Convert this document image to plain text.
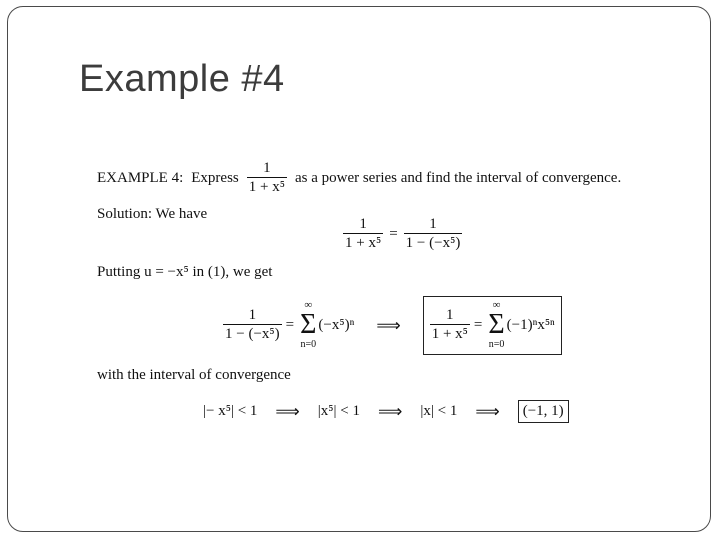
Example #4
EXAMPLE 4: Express $\frac{1}{\text{1 + x⁵}}$ as a power series and find the interval of convergence.
Solution: We have
$\frac{1}{\text{1 + x⁵}} = \frac{1}{\text{1 − (−x⁵)}}$
Putting u = −x⁵ in (1), we get
$\frac{1}{\text{1 − (−x⁵)}}$ =
∞
Σ
n=0
(−x⁵)ⁿ ⟹ $\frac{1}{\text{1 + x⁵}}$ =
∞
Σ
n=0
(−1)ⁿx⁵ⁿ
with the interval of convergence
|− x⁵| < 1 ⟹ |x⁵| < 1 ⟹ |x| < 1 ⟹	(−1, 1)
